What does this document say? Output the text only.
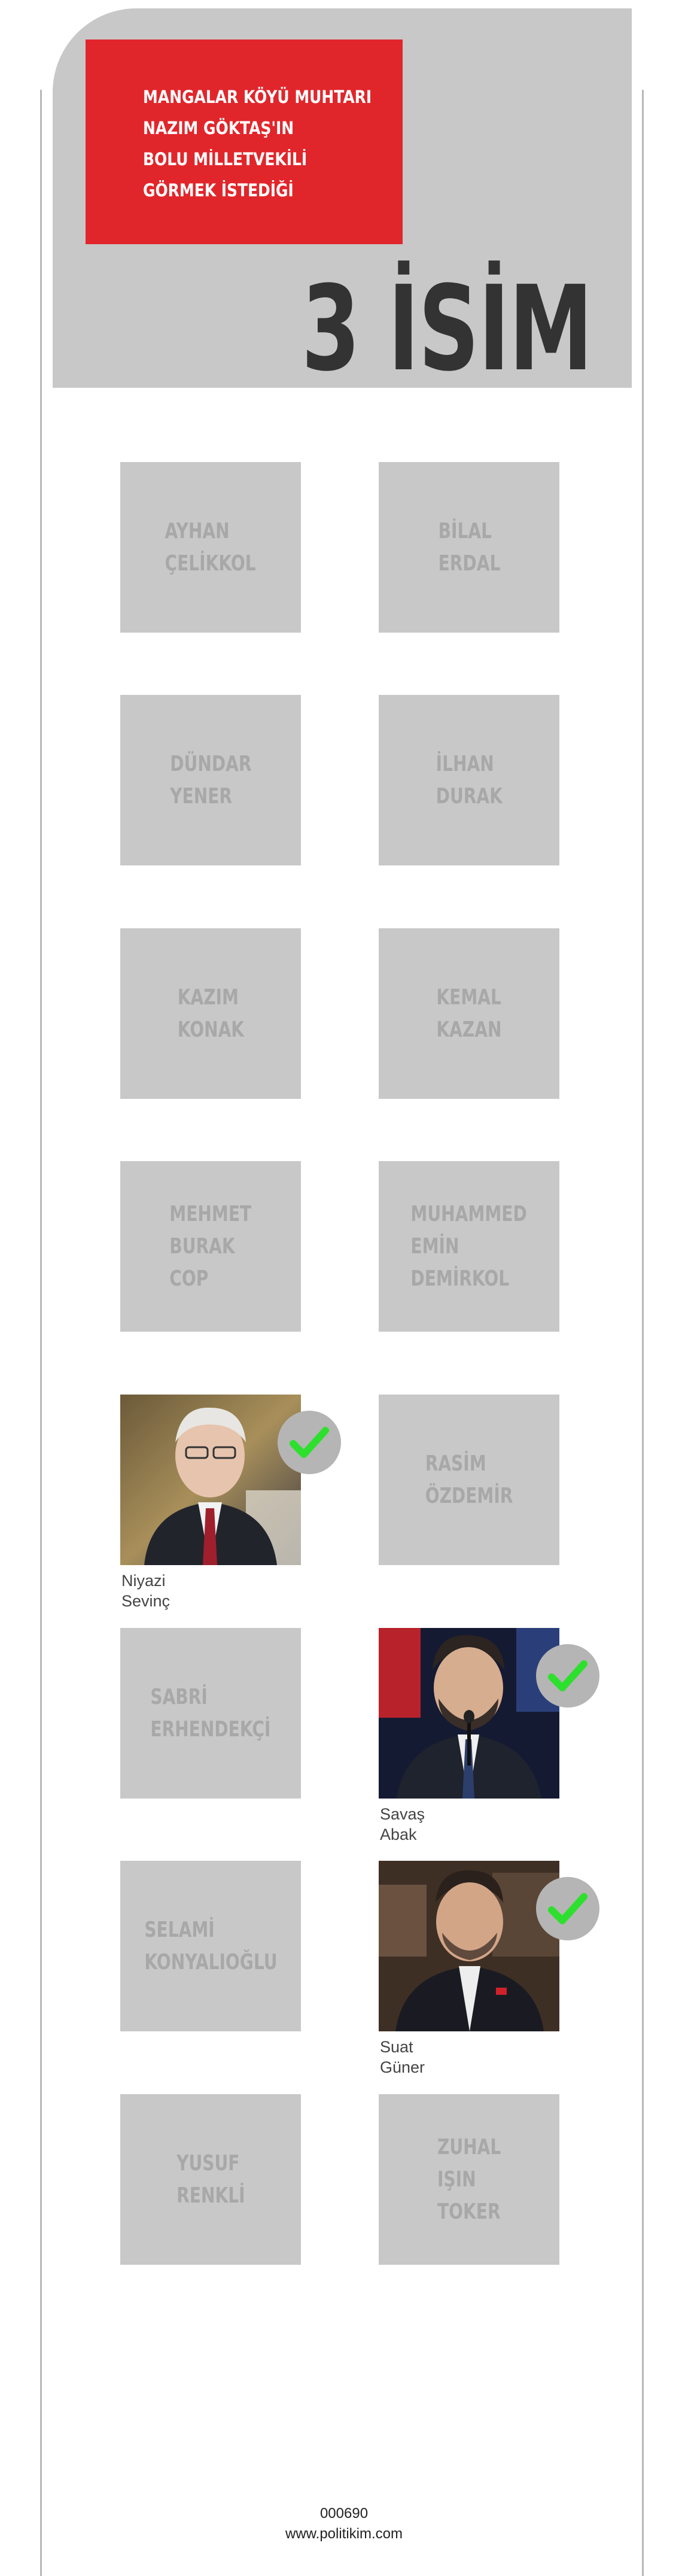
MANGALAR KÖYÜ MUHTARI
NAZIM GÖKTAŞ'IN
BOLU MİLLETVEKİLİ
GÖRMEK İSTEDİĞİ
3 İSİM
AYHAN
ÇELİKKOL
BİLAL
ERDAL
DÜNDAR
YENER
İLHAN
DURAK
KAZIM
KONAK
KEMAL
KAZAN
MEHMET
BURAK
COP
MUHAMMED
EMİN
DEMİRKOL
Niyazi
Sevinç
RASİM
ÖZDEMİR
SABRİ
ERHENDEKÇİ
Savaş
Abak
SELAMİ
KONYALIOĞLU
Suat
Güner
YUSUF
RENKLİ
ZUHAL
IŞIN
TOKER
000690
www.politikim.com
